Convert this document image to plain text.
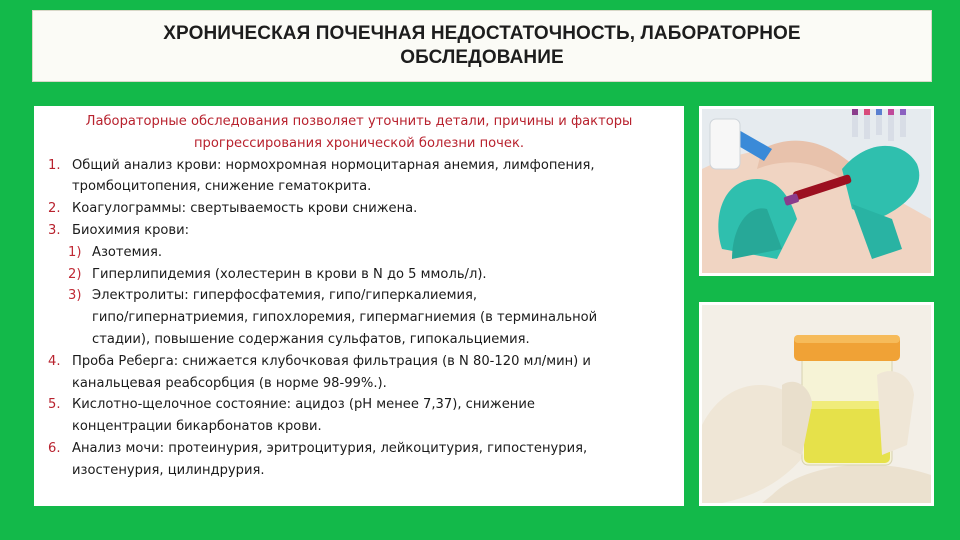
ХРОНИЧЕСКАЯ ПОЧЕЧНАЯ НЕДОСТАТОЧНОСТЬ, ЛАБОРАТОРНОЕ
ОБСЛЕДОВАНИЕ

Лабораторные обследования позволяет уточнить детали, причины и факторы
прогрессирования хронической болезни почек.

1. Общий анализ крови: нормохромная нормоцитарная анемия, лимфопения,
тромбоцитопения, снижение гематокрита.
2. Коагулограммы: свертываемость крови снижена.
3. Биохимия крови:
1) Азотемия.
2) Гиперлипидемия (холестерин в крови в N до 5 ммоль/л).
3) Электролиты: гиперфосфатемия, гипо/гиперкалиемия,
гипо/гипернатриемия, гипохлоремия, гипермагниемия (в терминальной
стадии), повышение содержания сульфатов, гипокальциемия.
4. Проба Реберга: снижается клубочковая фильтрация (в N 80-120 мл/мин) и
канальцевая реабсорбция (в норме 98-99%.).
5. Кислотно-щелочное состояние: ацидоз (рН менее 7,37), снижение
концентрации бикарбонатов крови.
6. Анализ мочи: протеинурия, эритроцитурия, лейкоцитурия, гипостенурия,
изостенурия, цилиндрурия.
